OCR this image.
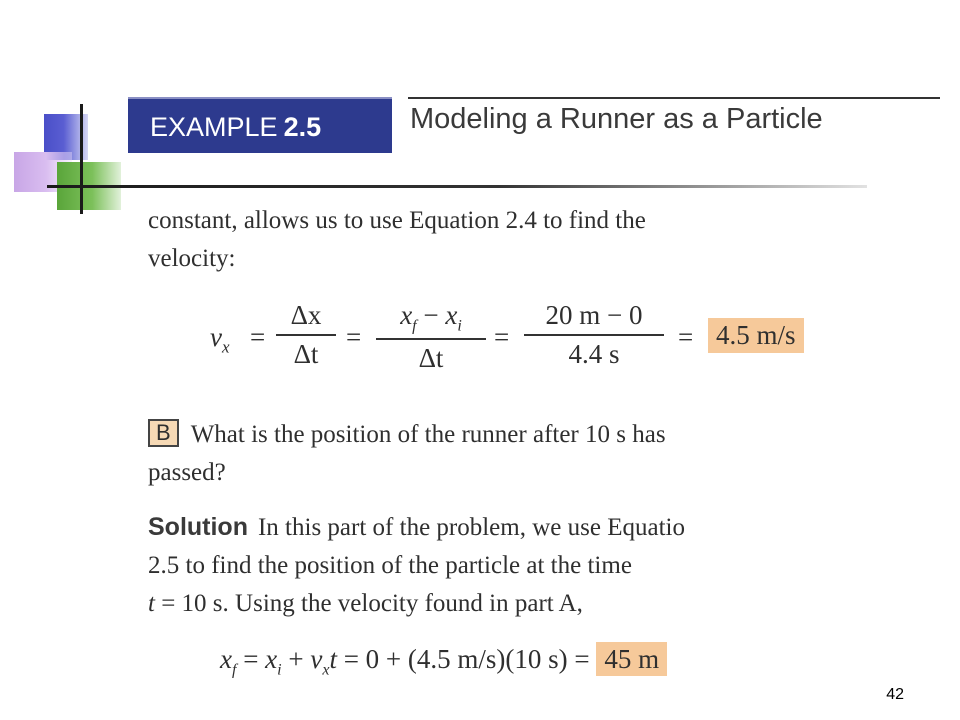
EXAMPLE 2.5	Modeling a Runner as a Particle
constant, allows us to use Equation 2.4 to find the
velocity:
$v_x$ =
Δx
Δt
=
$x_f - x_i$
Δt
=
20 m − 0
4.4 s
= 4.5 m/s
B What is the position of the runner after 10 s has
passed?
Solution In this part of the problem, we use Equatio
2.5 to find the position of the particle at the time
t = 10 s. Using the velocity found in part A,
$x_f = x_i + v_xt = 0 + (4.5$ m/s)(10 s) = 45 m
42
